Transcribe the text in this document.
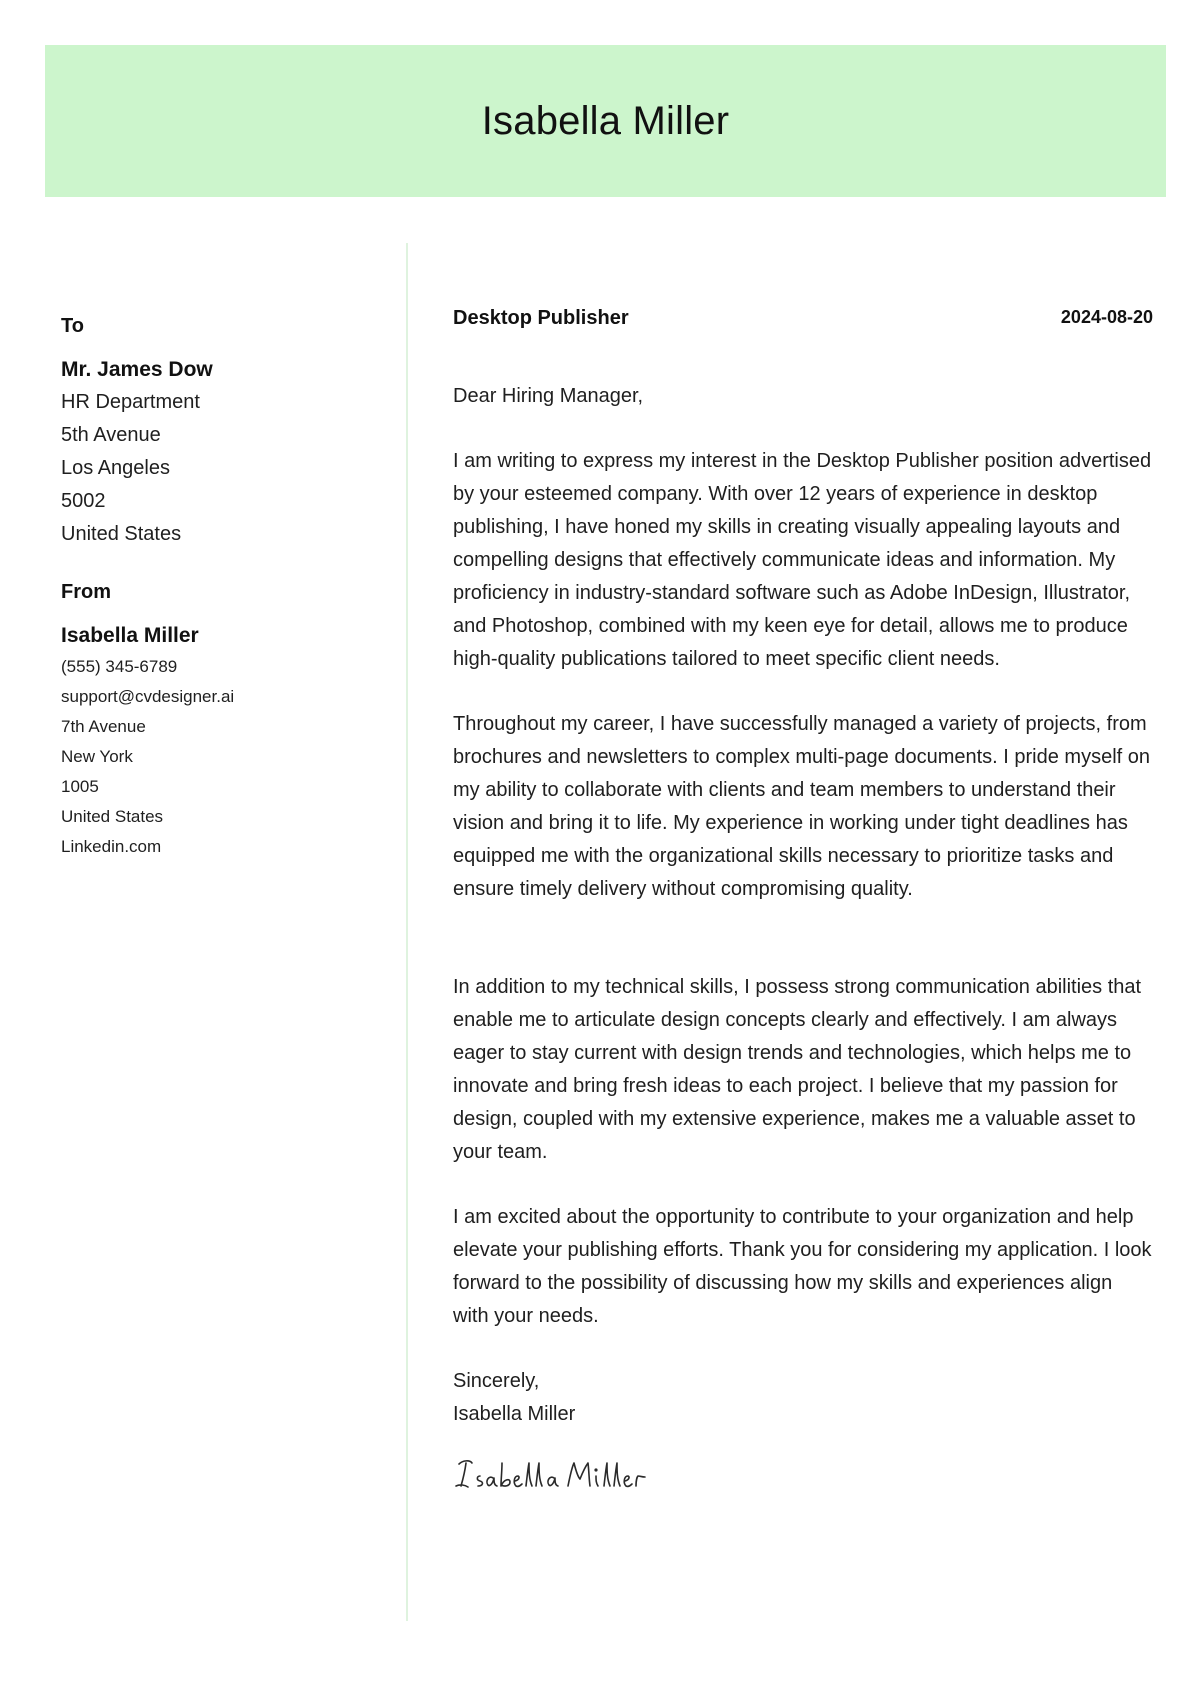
Isabella Miller
To
Mr. James Dow
HR Department
5th Avenue
Los Angeles
5002
United States
From
Isabella Miller
(555) 345-6789
support@cvdesigner.ai
7th Avenue
New York
1005
United States
Linkedin.com
Desktop Publisher	2024-08-20
Dear Hiring Manager,

I am writing to express my interest in the Desktop Publisher position advertised by your esteemed company. With over 12 years of experience in desktop publishing, I have honed my skills in creating visually appealing layouts and compelling designs that effectively communicate ideas and information. My proficiency in industry-standard software such as Adobe InDesign, Illustrator, and Photoshop, combined with my keen eye for detail, allows me to produce high-quality publications tailored to meet specific client needs.

Throughout my career, I have successfully managed a variety of projects, from brochures and newsletters to complex multi-page documents. I pride myself on my ability to collaborate with clients and team members to understand their vision and bring it to life. My experience in working under tight deadlines has equipped me with the organizational skills necessary to prioritize tasks and ensure timely delivery without compromising quality.

In addition to my technical skills, I possess strong communication abilities that enable me to articulate design concepts clearly and effectively. I am always eager to stay current with design trends and technologies, which helps me to innovate and bring fresh ideas to each project. I believe that my passion for design, coupled with my extensive experience, makes me a valuable asset to your team.

I am excited about the opportunity to contribute to your organization and help elevate your publishing efforts. Thank you for considering my application. I look forward to the possibility of discussing how my skills and experiences align with your needs.

Sincerely,
Isabella Miller
